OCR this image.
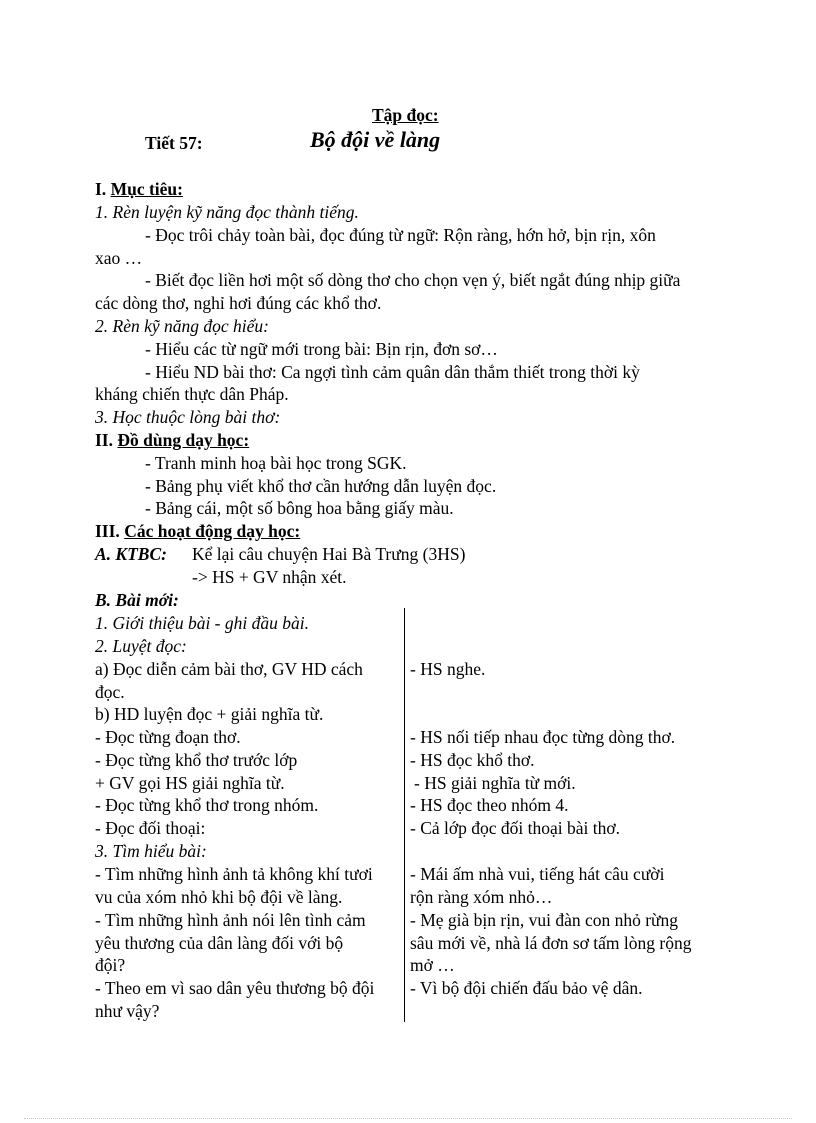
Tập đọc:
Tiết 57:	Bộ đội về làng
I. Mục tiêu:
1. Rèn luyện kỹ năng đọc thành tiếng.
- Đọc trôi chảy toàn bài, đọc đúng từ ngữ: Rộn ràng, hớn hở, bịn rịn, xôn
xao …
- Biết đọc liền hơi một số dòng thơ cho chọn vẹn ý, biết ngắt đúng nhịp giữa
các dòng thơ, nghỉ hơi đúng các khổ thơ.
2. Rèn kỹ năng đọc hiểu:
- Hiểu các từ ngữ mới trong bài: Bịn rịn, đơn sơ…
- Hiểu ND bài thơ: Ca ngợi tình cảm quân dân thắm thiết trong thời kỳ
kháng chiến thực dân Pháp.
3. Học thuộc lòng bài thơ:
II. Đồ dùng dạy học:
- Tranh minh hoạ bài học trong SGK.
- Bảng phụ viết khổ thơ cần hướng dẫn luyện đọc.
- Bảng cái, một số bông hoa bằng giấy màu.
III. Các hoạt động dạy học:
A. KTBC: Kể lại câu chuyện Hai Bà Trưng (3HS)
-> HS + GV nhận xét.
B. Bài mới:
1. Giới thiệu bài - ghi đầu bài.
2. Luyệt đọc:
a) Đọc diễn cảm bài thơ, GV HD cách
đọc.
b) HD luyện đọc + giải nghĩa từ.
- Đọc từng đoạn thơ.
- Đọc từng khổ thơ trước lớp
+ GV gọi HS giải nghĩa từ.
- Đọc từng khổ thơ trong nhóm.
- Đọc đối thoại:
3. Tìm hiểu bài:
- Tìm những hình ảnh tả không khí tươi
vu của xóm nhỏ khi bộ đội về làng.
- Tìm những hình ảnh nói lên tình cảm
yêu thương của dân làng đối với bộ
đội?
- Theo em vì sao dân yêu thương bộ đội
như vậy?
- HS nghe.
- HS nối tiếp nhau đọc từng dòng thơ.
- HS đọc khổ thơ.
- HS giải nghĩa từ mới.
- HS đọc theo nhóm 4.
- Cả lớp đọc đối thoại bài thơ.
- Mái ấm nhà vui, tiếng hát câu cười
rộn ràng xóm nhỏ…
- Mẹ già bịn rịn, vui đàn con nhỏ rừng
sâu mới về, nhà lá đơn sơ tấm lòng rộng
mở …
- Vì bộ đội chiến đấu bảo vệ dân.
